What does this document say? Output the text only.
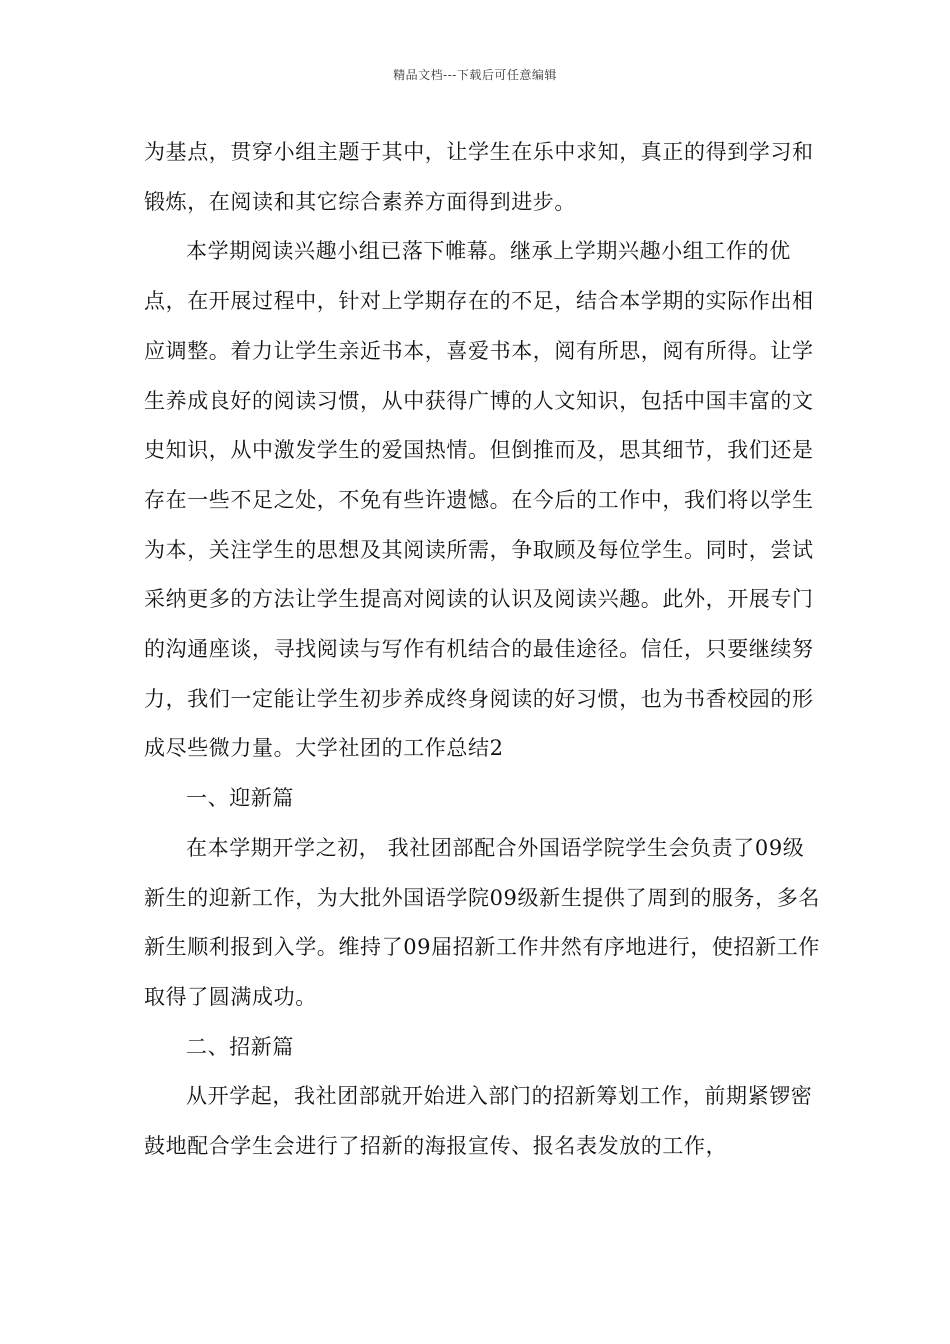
精品文档---下载后可任意编辑

为基点，贯穿小组主题于其中，让学生在乐中求知，真正的得到学习和锻炼，在阅读和其它综合素养方面得到进步。

本学期阅读兴趣小组已落下帷幕。继承上学期兴趣小组工作的优点，在开展过程中，针对上学期存在的不足，结合本学期的实际作出相应调整。着力让学生亲近书本，喜爱书本，阅有所思，阅有所得。让学生养成良好的阅读习惯，从中获得广博的人文知识，包括中国丰富的文史知识，从中激发学生的爱国热情。但倒推而及，思其细节，我们还是存在一些不足之处，不免有些许遗憾。在今后的工作中，我们将以学生为本，关注学生的思想及其阅读所需，争取顾及每位学生。同时，尝试采纳更多的方法让学生提高对阅读的认识及阅读兴趣。此外，开展专门的沟通座谈，寻找阅读与写作有机结合的最佳途径。信任，只要继续努力，我们一定能让学生初步养成终身阅读的好习惯，也为书香校园的形成尽些微力量。大学社团的工作总结2

一、迎新篇

在本学期开学之初， 我社团部配合外国语学院学生会负责了09级新生的迎新工作，为大批外国语学院09级新生提供了周到的服务，多名新生顺利报到入学。维持了09届招新工作井然有序地进行，使招新工作取得了圆满成功。

二、招新篇

从开学起，我社团部就开始进入部门的招新筹划工作，前期紧锣密鼓地配合学生会进行了招新的海报宣传、报名表发放的工作，
